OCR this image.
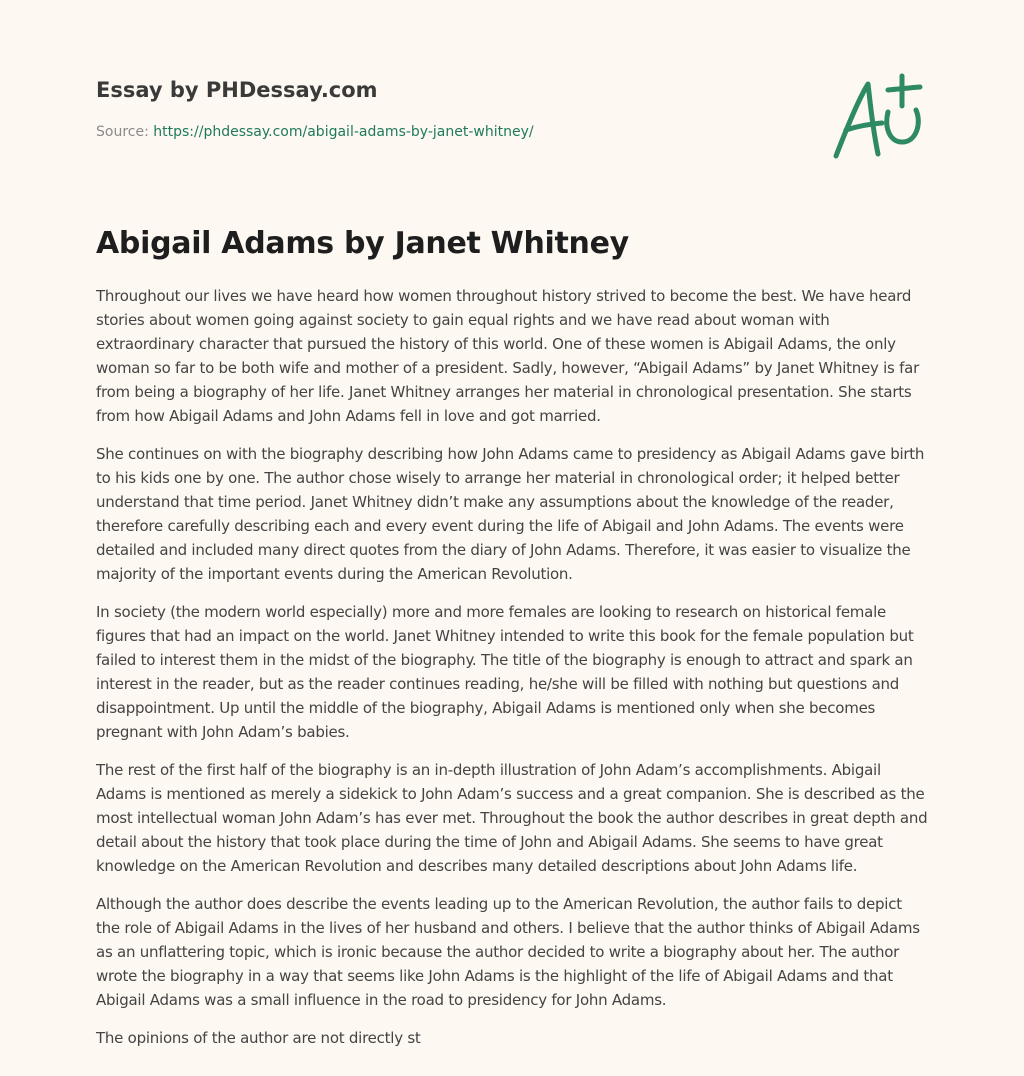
Essay by PHDessay.com

Source: https://phdessay.com/abigail-adams-by-janet-whitney/
Abigail Adams by Janet Whitney

Throughout our lives we have heard how women throughout history strived to become the best. We have heard stories about women going against society to gain equal rights and we have read about woman with extraordinary character that pursued the history of this world. One of these women is Abigail Adams, the only woman so far to be both wife and mother of a president. Sadly, however, “Abigail Adams” by Janet Whitney is far from being a biography of her life. Janet Whitney arranges her material in chronological presentation. She starts from how Abigail Adams and John Adams fell in love and got married.

She continues on with the biography describing how John Adams came to presidency as Abigail Adams gave birth to his kids one by one. The author chose wisely to arrange her material in chronological order; it helped better understand that time period. Janet Whitney didn’t make any assumptions about the knowledge of the reader, therefore carefully describing each and every event during the life of Abigail and John Adams. The events were detailed and included many direct quotes from the diary of John Adams. Therefore, it was easier to visualize the majority of the important events during the American Revolution.

In society (the modern world especially) more and more females are looking to research on historical female figures that had an impact on the world. Janet Whitney intended to write this book for the female population but failed to interest them in the midst of the biography. The title of the biography is enough to attract and spark an interest in the reader, but as the reader continues reading, he/she will be filled with nothing but questions and disappointment. Up until the middle of the biography, Abigail Adams is mentioned only when she becomes pregnant with John Adam’s babies.

The rest of the first half of the biography is an in-depth illustration of John Adam’s accomplishments. Abigail Adams is mentioned as merely a sidekick to John Adam’s success and a great companion. She is described as the most intellectual woman John Adam’s has ever met. Throughout the book the author describes in great depth and detail about the history that took place during the time of John and Abigail Adams. She seems to have great knowledge on the American Revolution and describes many detailed descriptions about John Adams life.

Although the author does describe the events leading up to the American Revolution, the author fails to depict the role of Abigail Adams in the lives of her husband and others. I believe that the author thinks of Abigail Adams as an unflattering topic, which is ironic because the author decided to write a biography about her. The author wrote the biography in a way that seems like John Adams is the highlight of the life of Abigail Adams and that Abigail Adams was a small influence in the road to presidency for John Adams.

The opinions of the author are not directly st
